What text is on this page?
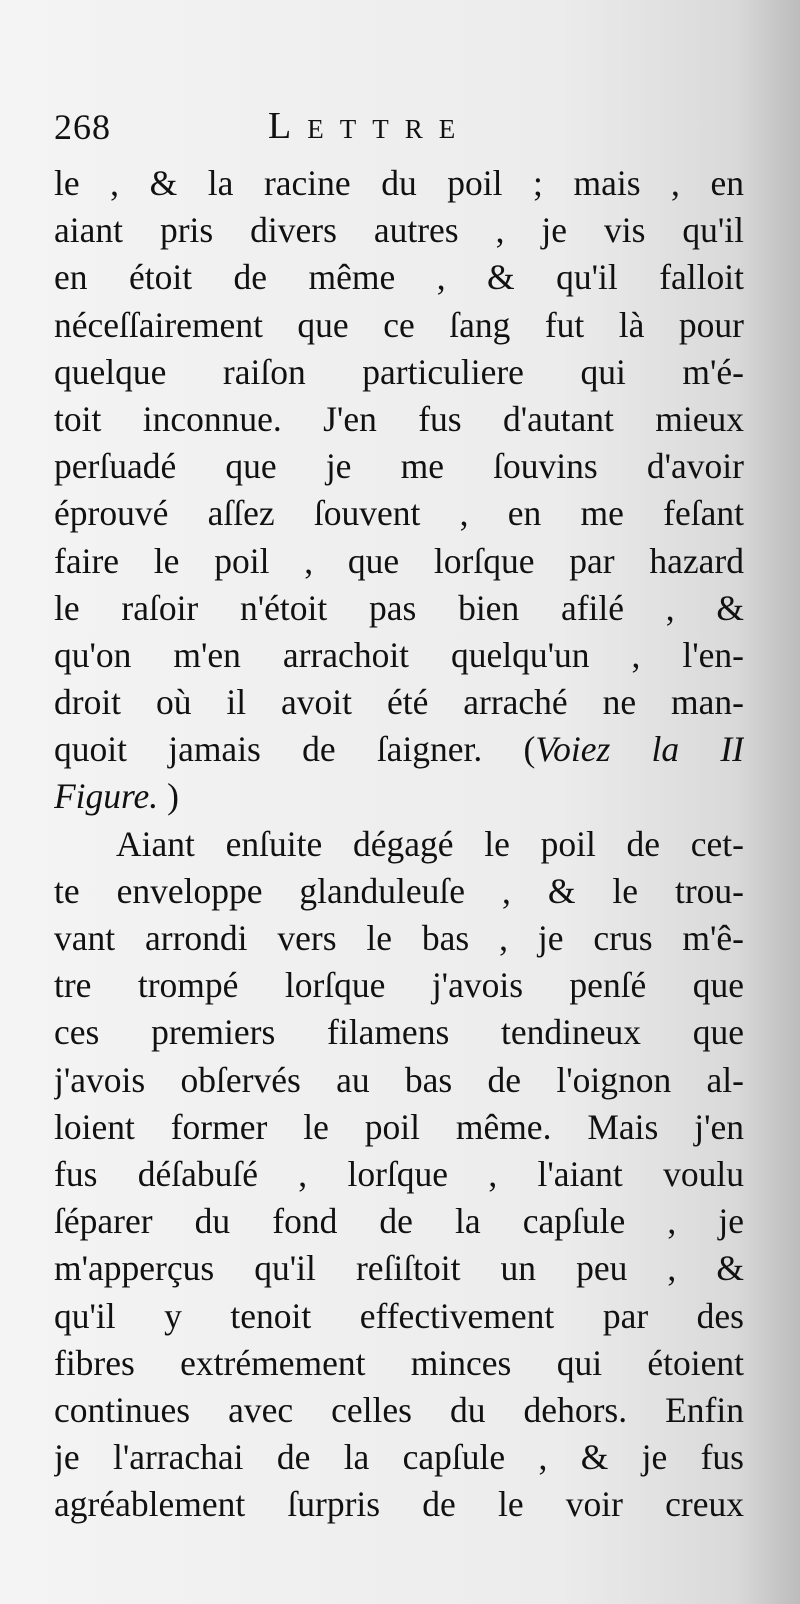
268	Lettre
le , & la racine du poil ; mais , en
aiant pris divers autres , je vis qu'il
en étoit de même , & qu'il falloit
néceſſairement que ce ſang fut là pour
quelque raiſon particuliere qui m'é-
toit inconnue. J'en fus d'autant mieux
perſuadé que je me ſouvins d'avoir
éprouvé aſſez ſouvent , en me feſant
faire le poil , que lorſque par hazard
le raſoir n'étoit pas bien afilé , &
qu'on m'en arrachoit quelqu'un , l'en-
droit où il avoit été arraché ne man-
quoit jamais de ſaigner. (Voiez la II
Figure. )
Aiant enſuite dégagé le poil de cet-
te enveloppe glanduleuſe , & le trou-
vant arrondi vers le bas , je crus m'ê-
tre trompé lorſque j'avois penſé que
ces premiers filamens tendineux que
j'avois obſervés au bas de l'oignon al-
loient former le poil même. Mais j'en
fus déſabuſé , lorſque , l'aiant voulu
ſéparer du fond de la capſule , je
m'apperçus qu'il reſiſtoit un peu , &
qu'il y tenoit effectivement par des
fibres extrémement minces qui étoient
continues avec celles du dehors. Enfin
je l'arrachai de la capſule , & je fus
agréablement ſurpris de le voir creux
